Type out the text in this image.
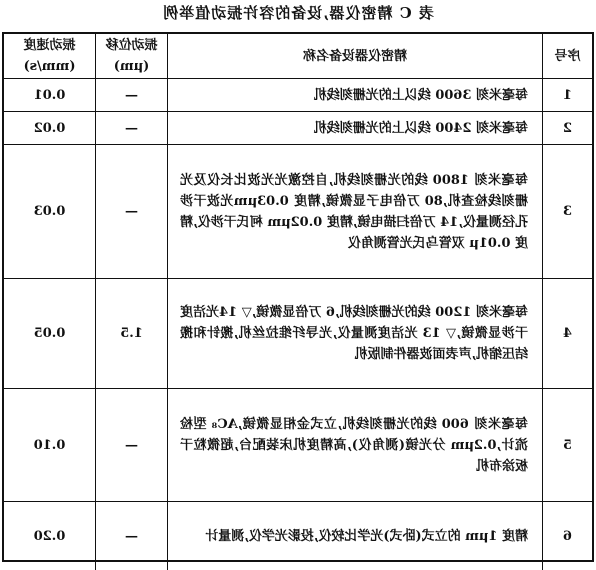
表 C 精密仪器,设备的容许振动值举例
序号
精密仪器设备名称
振动位移
(μm)
振动速度
(mm/s)
1
每毫米刻 3600 线以上的光栅刻线机
—
0.01
2
每毫米刻 2400 线以上的光栅刻线机
—
0.02
3
每毫米刻 1800 线的光栅刻线机,自控激光光波比长仪及光栅刻线检查机,80 万倍电子显微镜,精度 0.03μm光波干涉孔径测量仪,14 万倍扫描电镜,精度 0.02μm 柯氏干涉仪,精度 0.01μ 双管乌氏光管测角仪
—
0.03
4
每毫米刻 1200 线的光栅刻线机,6 万倍显微镜,▽ 14光洁度干涉显微镜,▽ 13 光洁度测量仪,光导纤维拉丝机,搬针和搬结压缩机,声表面波器件制版机
1.5
0.05
5
每毫米刻 600 线的光栅刻线机,立式金相显微镜,AC₈ 型检流计,0.2μm 分光镜(测角仪),高精度机床装配台,超微粒干板涂布机
—
0.10
6
精度 1μm 的立式(卧式)光学比较仪,投影光学仪,测量计
—
0.20
